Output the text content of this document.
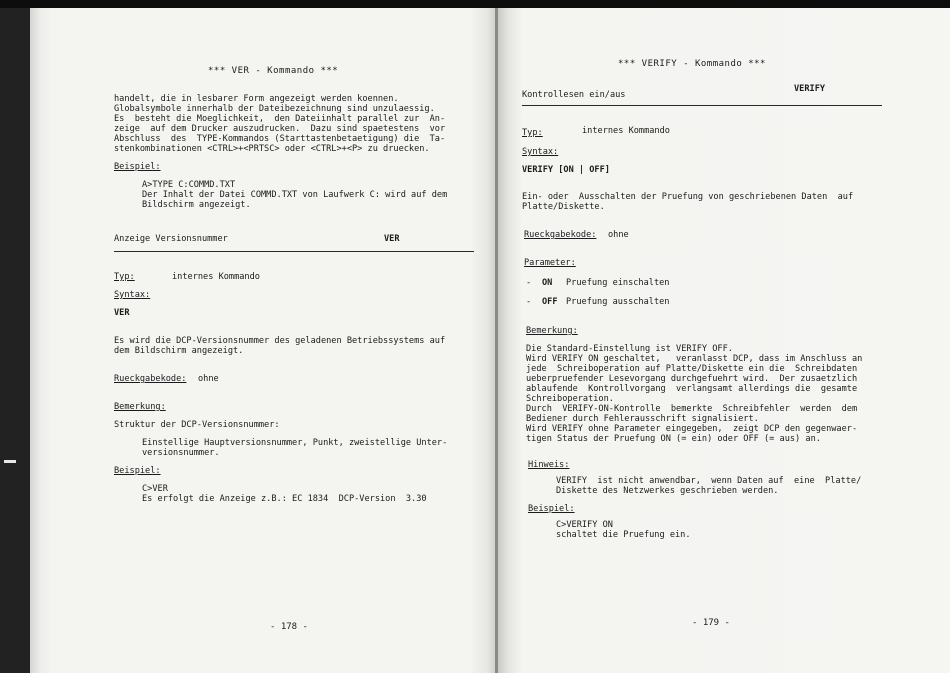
*** VER - Kommando ***
handelt, die in lesbarer Form angezeigt werden koennen.
Globalsymbole innerhalb der Dateibezeichnung sind unzulaessig.
Es  besteht die Moeglichkeit,  den Dateiinhalt parallel zur  An-
zeige  auf dem Drucker auszudrucken.  Dazu sind spaetestens  vor
Abschluss  des  TYPE-Kommandos (Starttastenbetaetigung) die  Ta-
stenkombinationen <CTRL>+<PRTSC> oder <CTRL>+<P> zu druecken.
Beispiel:
A>TYPE C:COMMD.TXT
Der Inhalt der Datei COMMD.TXT von Laufwerk C: wird auf dem
Bildschirm angezeigt.
Anzeige Versionsnummer	VER
Typ:	internes Kommando
Syntax:
VER
Es wird die DCP-Versionsnummer des geladenen Betriebssystems auf
dem Bildschirm angezeigt.
Rueckgabekode: ohne
Bemerkung:
Struktur der DCP-Versionsnummer:
Einstellige Hauptversionsnummer, Punkt, zweistellige Unter-
versionsnummer.
Beispiel:
C>VER
Es erfolgt die Anzeige z.B.: EC 1834  DCP-Version  3.30
- 178 -
*** VERIFY - Kommando ***
Kontrollesen ein/aus
VERIFY
Typ:	internes Kommando
Syntax:
VERIFY [ON | OFF]
Ein- oder  Ausschalten der Pruefung von geschriebenen Daten  auf
Platte/Diskette.
Rueckgabekode: ohne
Parameter:
- ON Pruefung einschalten
- OFF Pruefung ausschalten
Bemerkung:
Die Standard-Einstellung ist VERIFY OFF.
Wird VERIFY ON geschaltet,   veranlasst DCP, dass im Anschluss an
jede  Schreiboperation auf Platte/Diskette ein die  Schreibdaten
ueberpruefender Lesevorgang durchgefuehrt wird.  Der zusaetzlich
ablaufende  Kontrollvorgang  verlangsamt allerdings die  gesamte
Schreiboperation.
Durch  VERIFY-ON-Kontrolle  bemerkte  Schreibfehler  werden  dem
Bediener durch Fehlerausschrift signalisiert.
Wird VERIFY ohne Parameter eingegeben,  zeigt DCP den gegenwaer-
tigen Status der Pruefung ON (= ein) oder OFF (= aus) an.
Hinweis:
VERIFY  ist nicht anwendbar,  wenn Daten auf  eine  Platte/
Diskette des Netzwerkes geschrieben werden.
Beispiel:
C>VERIFY ON
schaltet die Pruefung ein.
- 179 -
